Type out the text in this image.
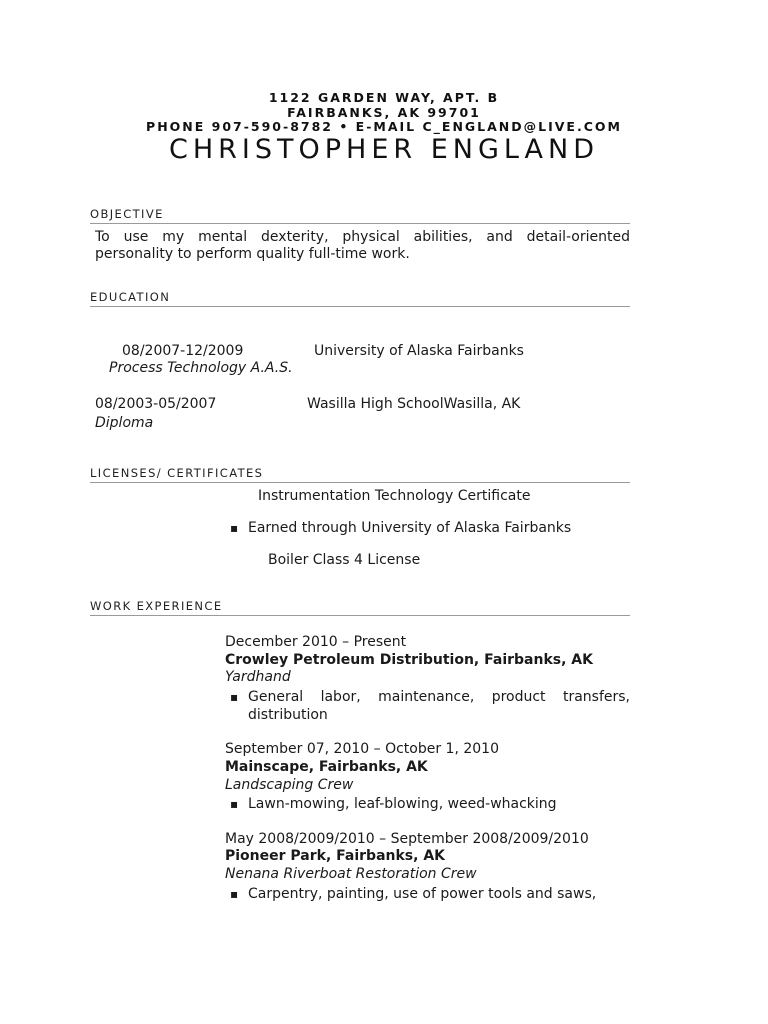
1122 GARDEN WAY, APT. B
FAIRBANKS, AK 99701
PHONE 907-590-8782 • E-MAIL C_ENGLAND@LIVE.COM
CHRISTOPHER ENGLAND
OBJECTIVE
To use my mental dexterity, physical abilities, and detail-oriented personality to perform quality full-time work.
EDUCATION
08/2007-12/2009	University of Alaska Fairbanks
Process Technology A.A.S.
08/2003-05/2007	Wasilla High SchoolWasilla, AK
Diploma
LICENSES/ CERTIFICATES
Instrumentation Technology Certificate
▪ Earned through University of Alaska Fairbanks
Boiler Class 4 License
WORK EXPERIENCE
December 2010 – Present
Crowley Petroleum Distribution, Fairbanks, AK
Yardhand
▪ General labor, maintenance, product transfers, distribution
September 07, 2010 – October 1, 2010
Mainscape, Fairbanks, AK
Landscaping Crew
▪ Lawn-mowing, leaf-blowing, weed-whacking
May 2008/2009/2010 – September 2008/2009/2010
Pioneer Park, Fairbanks, AK
Nenana Riverboat Restoration Crew
▪ Carpentry, painting, use of power tools and saws,
